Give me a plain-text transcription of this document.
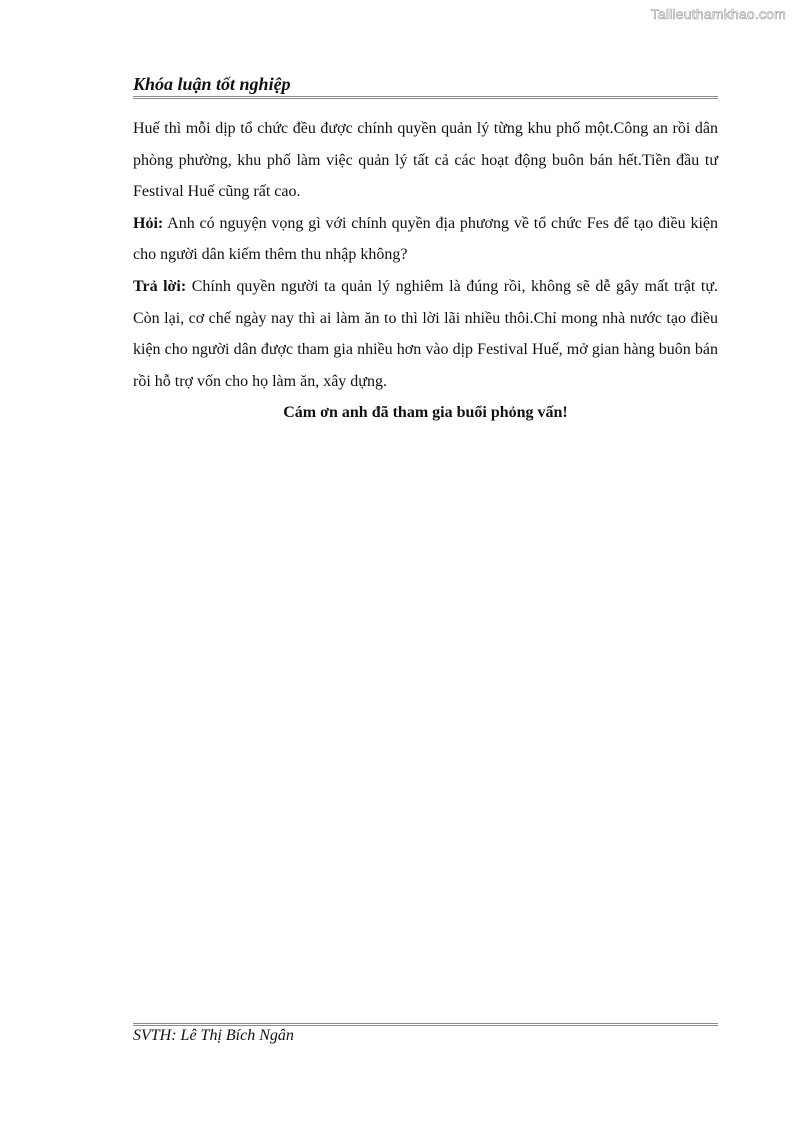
Tailieuthamkhao.com
Khóa luận tốt nghiệp

Huế thì mỗi dịp tổ chức đều được chính quyền quản lý từng khu phố một.Công an rồi dân phòng phường, khu phố làm việc quản lý tất cả các hoạt động buôn bán hết.Tiền đầu tư Festival Huế cũng rất cao.

Hỏi: Anh có nguyện vọng gì với chính quyền địa phương về tổ chức Fes để tạo điều kiện cho người dân kiếm thêm thu nhập không?

Trả lời: Chính quyền người ta quản lý nghiêm là đúng rồi, không sẽ dễ gây mất trật tự. Còn lại, cơ chế ngày nay thì ai làm ăn to thì lời lãi nhiều thôi.Chỉ mong nhà nước tạo điều kiện cho người dân được tham gia nhiều hơn vào dịp Festival Huế, mở gian hàng buôn bán rồi hỗ trợ vốn cho họ làm ăn, xây dựng.

Cám ơn anh đã tham gia buổi phỏng vấn!

SVTH: Lê Thị Bích Ngân
